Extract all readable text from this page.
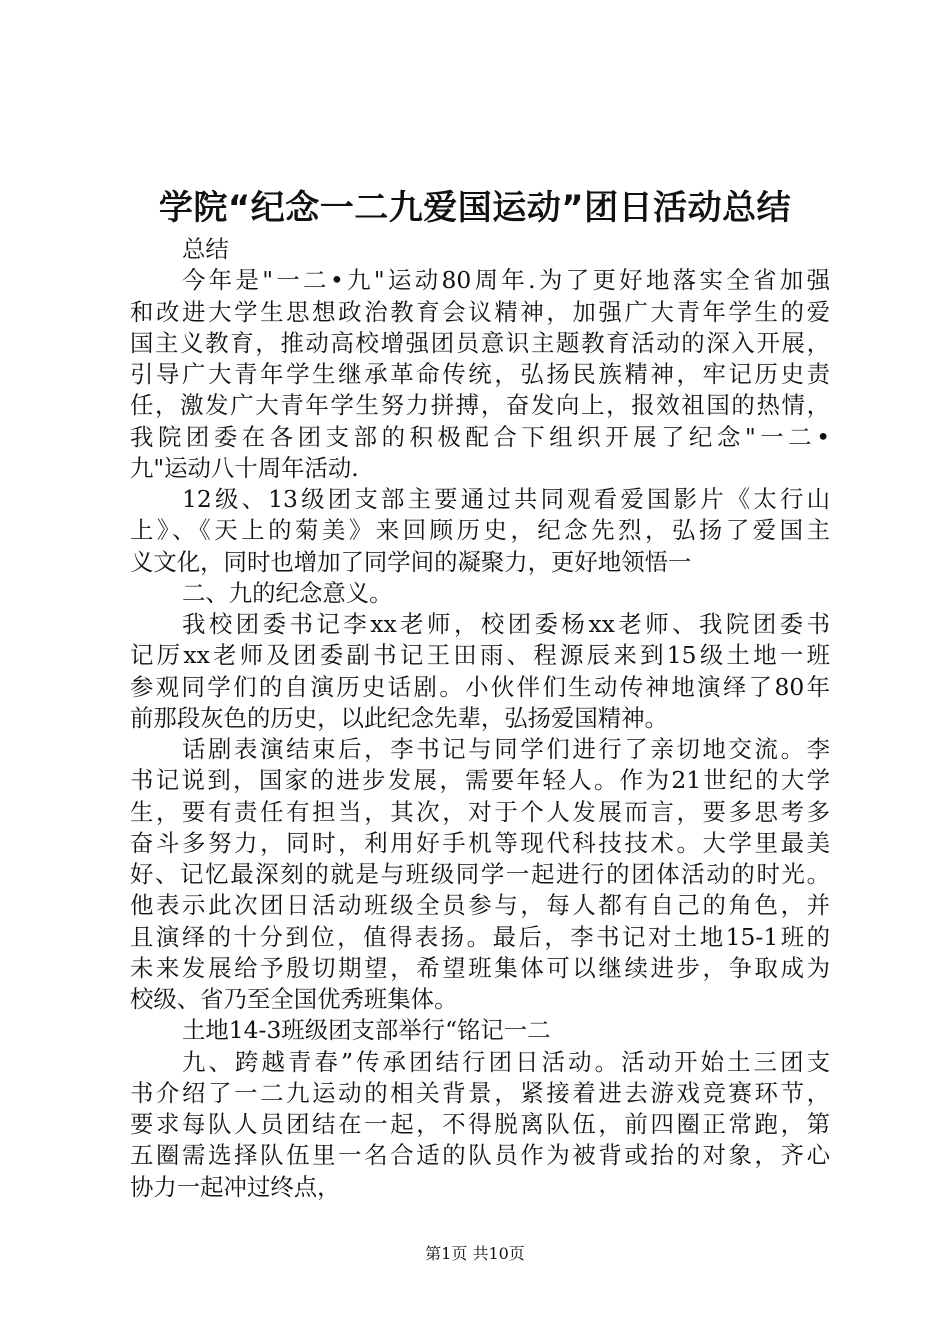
学院“纪念一二九爱国运动”团日活动总结
总结
今年是"一二•九"运动80周年.为了更好地落实全省加强
和改进大学生思想政治教育会议精神，加强广大青年学生的爱
国主义教育，推动高校增强团员意识主题教育活动的深入开展，
引导广大青年学生继承革命传统，弘扬民族精神，牢记历史责
任，激发广大青年学生努力拼搏，奋发向上，报效祖国的热情，
我院团委在各团支部的积极配合下组织开展了纪念"一二•
九"运动八十周年活动.
12级、13级团支部主要通过共同观看爱国影片《太行山
上》、《天上的菊美》来回顾历史，纪念先烈，弘扬了爱国主
义文化，同时也增加了同学间的凝聚力，更好地领悟一
二、九的纪念意义。
我校团委书记李xx老师，校团委杨xx老师、我院团委书
记厉xx老师及团委副书记王田雨、程源辰来到15级土地一班
参观同学们的自演历史话剧。小伙伴们生动传神地演绎了80年
前那段灰色的历史，以此纪念先辈，弘扬爱国精神。
话剧表演结束后，李书记与同学们进行了亲切地交流。李
书记说到，国家的进步发展，需要年轻人。作为21世纪的大学
生，要有责任有担当，其次，对于个人发展而言，要多思考多
奋斗多努力，同时，利用好手机等现代科技技术。大学里最美
好、记忆最深刻的就是与班级同学一起进行的团体活动的时光。
他表示此次团日活动班级全员参与，每人都有自己的角色，并
且演绎的十分到位，值得表扬。最后，李书记对土地15-1班的
未来发展给予殷切期望，希望班集体可以继续进步，争取成为
校级、省乃至全国优秀班集体。
土地14-3班级团支部举行“铭记一二
九、跨越青春”传承团结行团日活动。活动开始土三团支
书介绍了一二九运动的相关背景，紧接着进去游戏竞赛环节，
要求每队人员团结在一起，不得脱离队伍，前四圈正常跑，第
五圈需选择队伍里一名合适的队员作为被背或抬的对象，齐心
协力一起冲过终点，
第1页 共10页
